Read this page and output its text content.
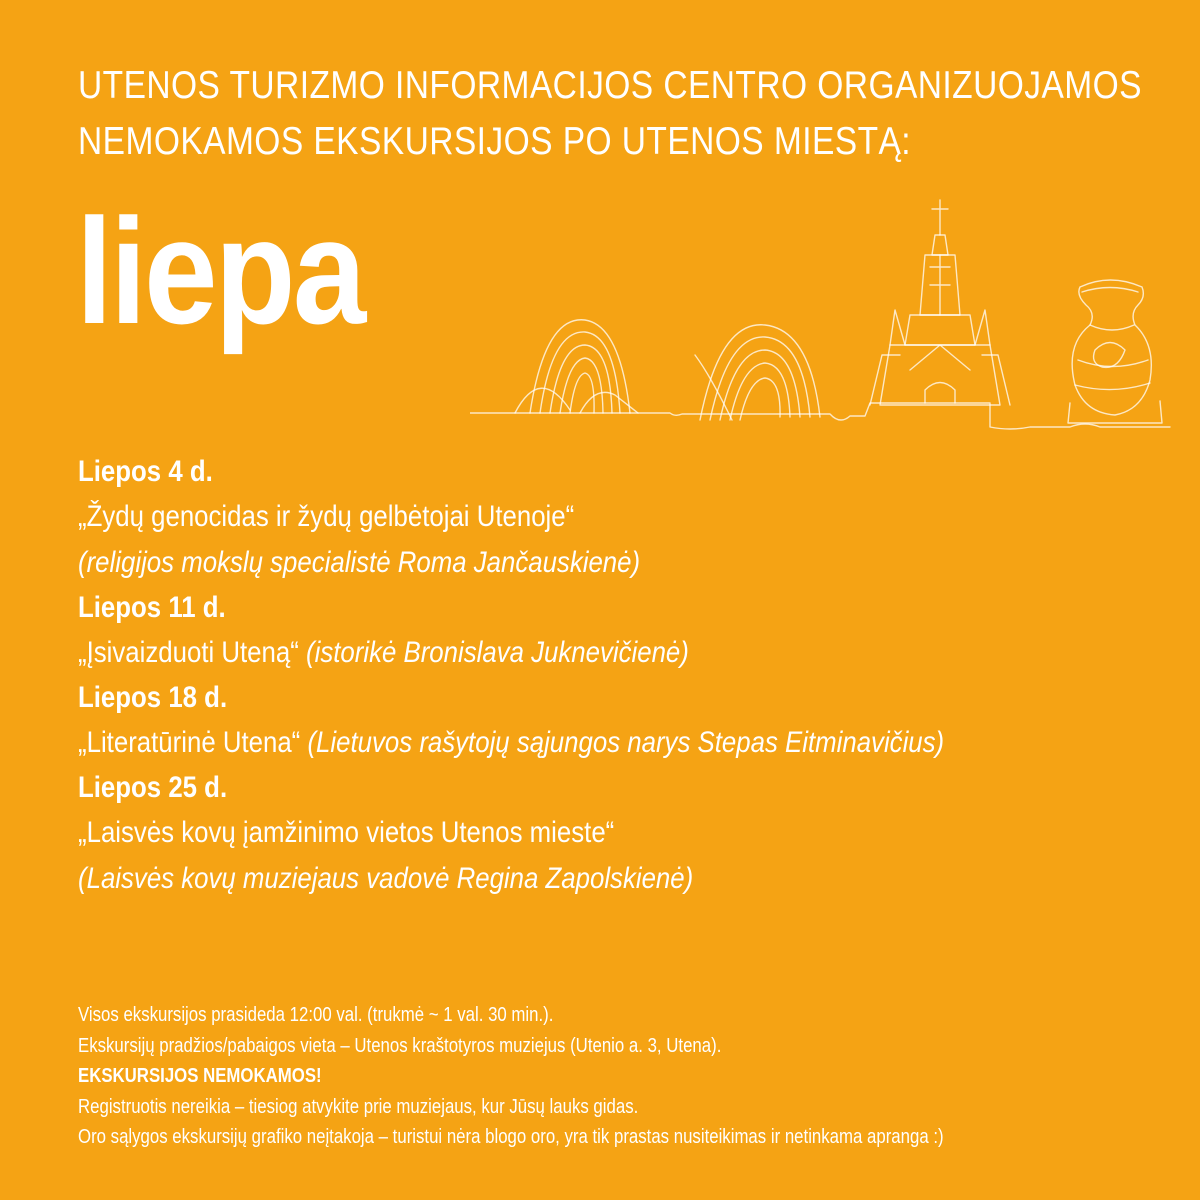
UTENOS TURIZMO INFORMACIJOS CENTRO ORGANIZUOJAMOS
NEMOKAMOS EKSKURSIJOS PO UTENOS MIESTĄ:
liepa
Liepos 4 d.
„Žydų genocidas ir žydų gelbėtojai Utenoje“
(religijos mokslų specialistė Roma Jančauskienė)
Liepos 11 d.
„Įsivaizduoti Uteną“ (istorikė Bronislava Juknevičienė)
Liepos 18 d.
„Literatūrinė Utena“ (Lietuvos rašytojų sąjungos narys Stepas Eitminavičius)
Liepos 25 d.
„Laisvės kovų įamžinimo vietos Utenos mieste“
(Laisvės kovų muziejaus vadovė Regina Zapolskienė)
Visos ekskursijos prasideda 12:00 val. (trukmė ~ 1 val. 30 min.).
Ekskursijų pradžios/pabaigos vieta – Utenos kraštotyros muziejus (Utenio a. 3, Utena).
EKSKURSIJOS NEMOKAMOS!
Registruotis nereikia – tiesiog atvykite prie muziejaus, kur Jūsų lauks gidas.
Oro sąlygos ekskursijų grafiko neįtakoja – turistui nėra blogo oro, yra tik prastas nusiteikimas ir netinkama apranga :)
